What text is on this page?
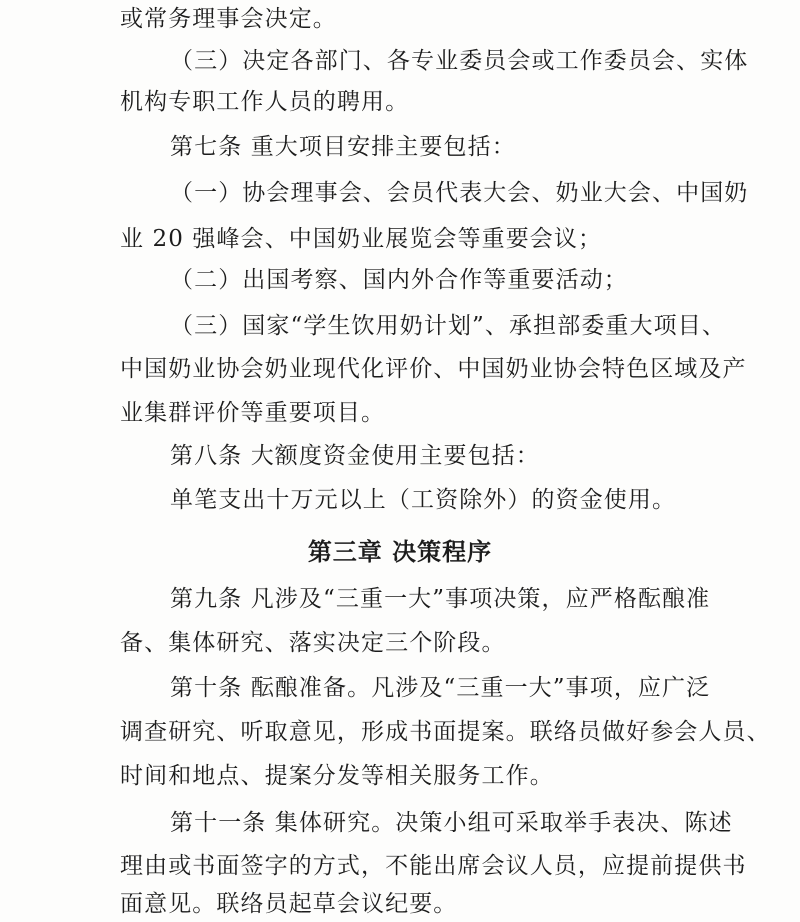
或常务理事会决定。
（三）决定各部门、各专业委员会或工作委员会、实体
机构专职工作人员的聘用。
第七条 重大项目安排主要包括：
（一）协会理事会、会员代表大会、奶业大会、中国奶
业 20 强峰会、中国奶业展览会等重要会议；
（二）出国考察、国内外合作等重要活动；
（三）国家“学生饮用奶计划”、承担部委重大项目、
中国奶业协会奶业现代化评价、中国奶业协会特色区域及产
业集群评价等重要项目。
第八条 大额度资金使用主要包括：
单笔支出十万元以上（工资除外）的资金使用。
第三章 决策程序
第九条 凡涉及“三重一大”事项决策，应严格酝酿准
备、集体研究、落实决定三个阶段。
第十条 酝酿准备。凡涉及“三重一大”事项，应广泛
调查研究、听取意见，形成书面提案。联络员做好参会人员、
时间和地点、提案分发等相关服务工作。
第十一条 集体研究。决策小组可采取举手表决、陈述
理由或书面签字的方式，不能出席会议人员，应提前提供书
面意见。联络员起草会议纪要。
